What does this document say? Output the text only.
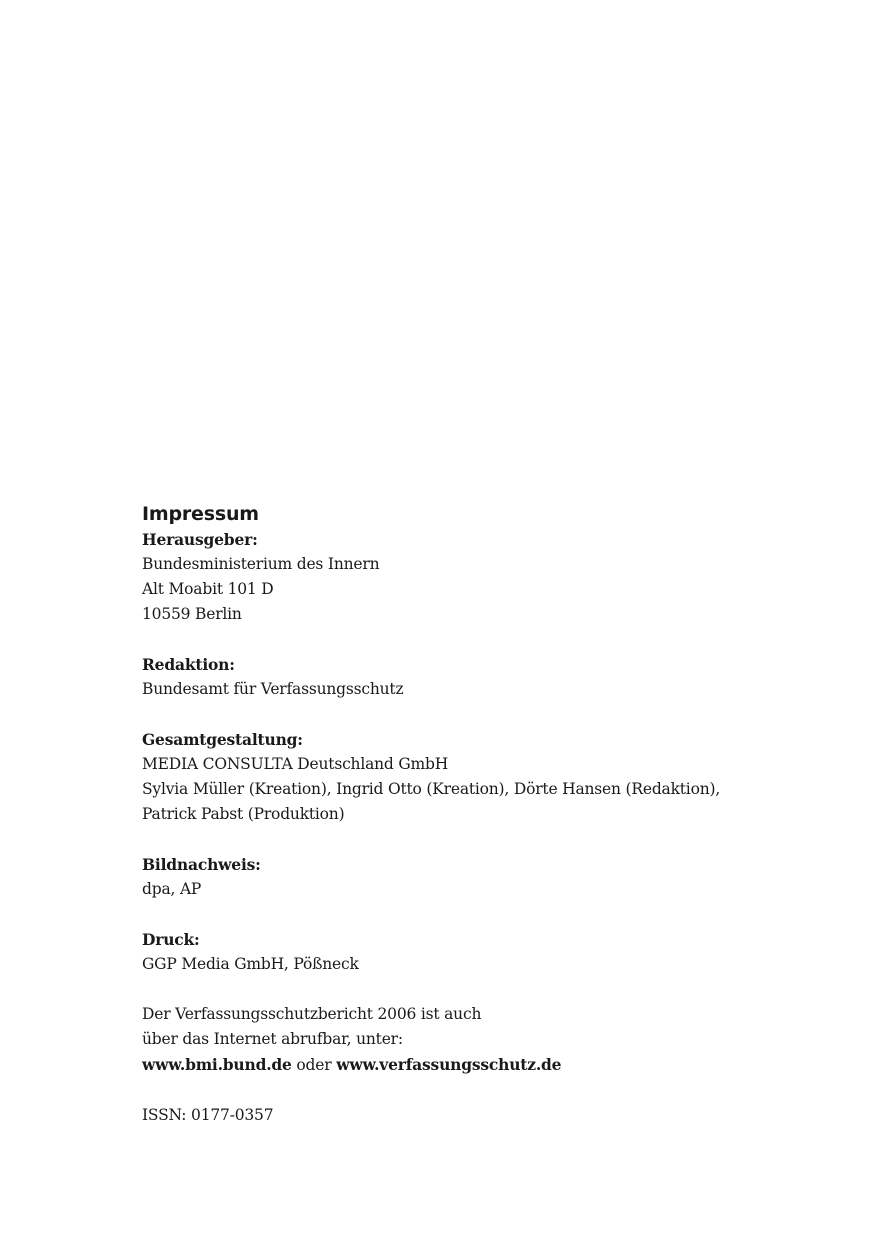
Impressum
Herausgeber:
Bundesministerium des Innern
Alt Moabit 101 D
10559 Berlin
Redaktion:
Bundesamt für Verfassungsschutz
Gesamtgestaltung:
MEDIA CONSULTA Deutschland GmbH
Sylvia Müller (Kreation), Ingrid Otto (Kreation), Dörte Hansen (Redaktion),
Patrick Pabst (Produktion)
Bildnachweis:
dpa, AP
Druck:
GGP Media GmbH, Pößneck
Der Verfassungsschutzbericht 2006 ist auch
über das Internet abrufbar, unter:
www.bmi.bund.de oder www.verfassungsschutz.de
ISSN: 0177-0357
